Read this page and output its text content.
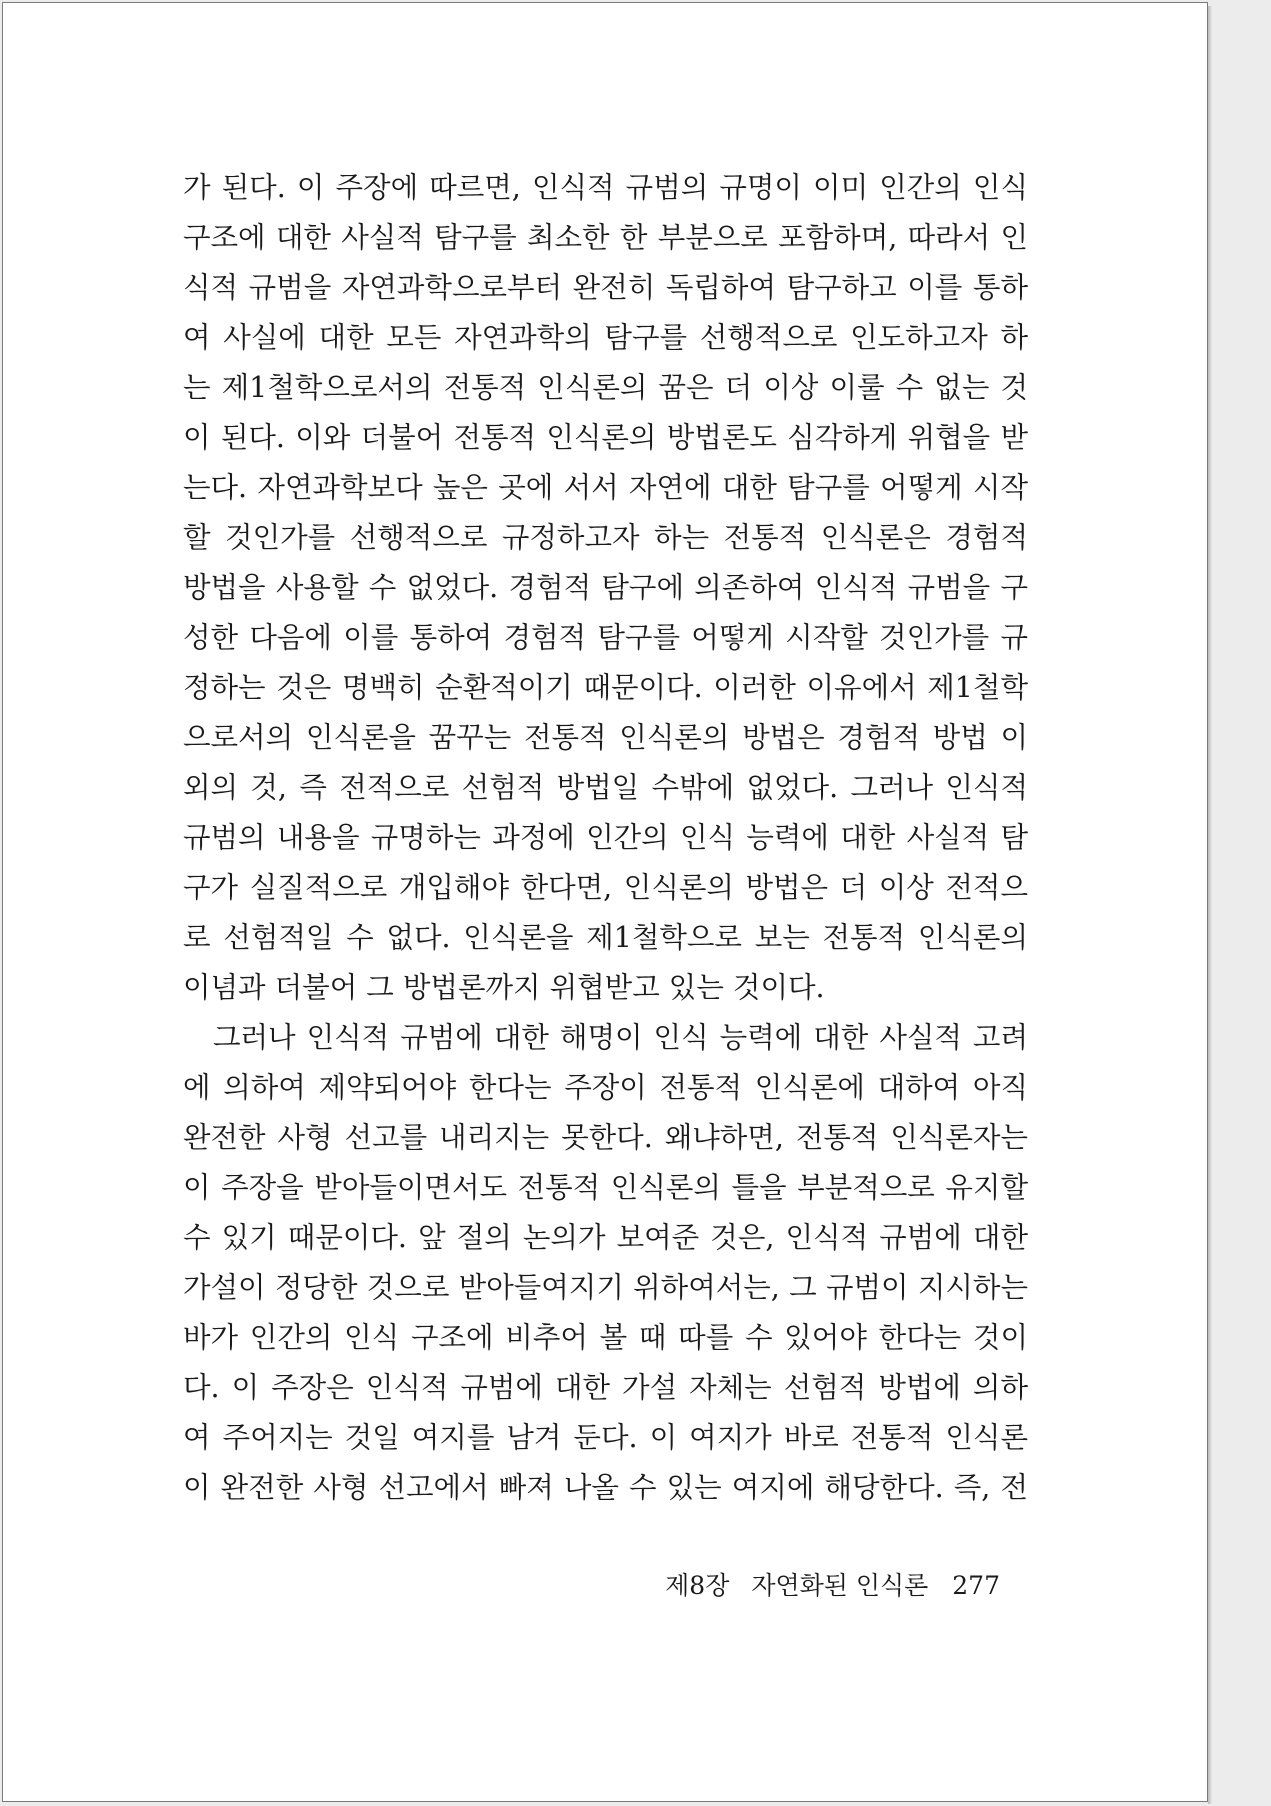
가 된다. 이 주장에 따르면, 인식적 규범의 규명이 이미 인간의 인식
구조에 대한 사실적 탐구를 최소한 한 부분으로 포함하며, 따라서 인
식적 규범을 자연과학으로부터 완전히 독립하여 탐구하고 이를 통하
여 사실에 대한 모든 자연과학의 탐구를 선행적으로 인도하고자 하
는 제1철학으로서의 전통적 인식론의 꿈은 더 이상 이룰 수 없는 것
이 된다. 이와 더불어 전통적 인식론의 방법론도 심각하게 위협을 받
는다. 자연과학보다 높은 곳에 서서 자연에 대한 탐구를 어떻게 시작
할 것인가를 선행적으로 규정하고자 하는 전통적 인식론은 경험적
방법을 사용할 수 없었다. 경험적 탐구에 의존하여 인식적 규범을 구
성한 다음에 이를 통하여 경험적 탐구를 어떻게 시작할 것인가를 규
정하는 것은 명백히 순환적이기 때문이다. 이러한 이유에서 제1철학
으로서의 인식론을 꿈꾸는 전통적 인식론의 방법은 경험적 방법 이
외의 것, 즉 전적으로 선험적 방법일 수밖에 없었다. 그러나 인식적
규범의 내용을 규명하는 과정에 인간의 인식 능력에 대한 사실적 탐
구가 실질적으로 개입해야 한다면, 인식론의 방법은 더 이상 전적으
로 선험적일 수 없다. 인식론을 제1철학으로 보는 전통적 인식론의
이념과 더불어 그 방법론까지 위협받고 있는 것이다.
그러나 인식적 규범에 대한 해명이 인식 능력에 대한 사실적 고려
에 의하여 제약되어야 한다는 주장이 전통적 인식론에 대하여 아직
완전한 사형 선고를 내리지는 못한다. 왜냐하면, 전통적 인식론자는
이 주장을 받아들이면서도 전통적 인식론의 틀을 부분적으로 유지할
수 있기 때문이다. 앞 절의 논의가 보여준 것은, 인식적 규범에 대한
가설이 정당한 것으로 받아들여지기 위하여서는, 그 규범이 지시하는
바가 인간의 인식 구조에 비추어 볼 때 따를 수 있어야 한다는 것이
다. 이 주장은 인식적 규범에 대한 가설 자체는 선험적 방법에 의하
여 주어지는 것일 여지를 남겨 둔다. 이 여지가 바로 전통적 인식론
이 완전한 사형 선고에서 빠져 나올 수 있는 여지에 해당한다. 즉, 전
제8장 자연화된 인식론 277
